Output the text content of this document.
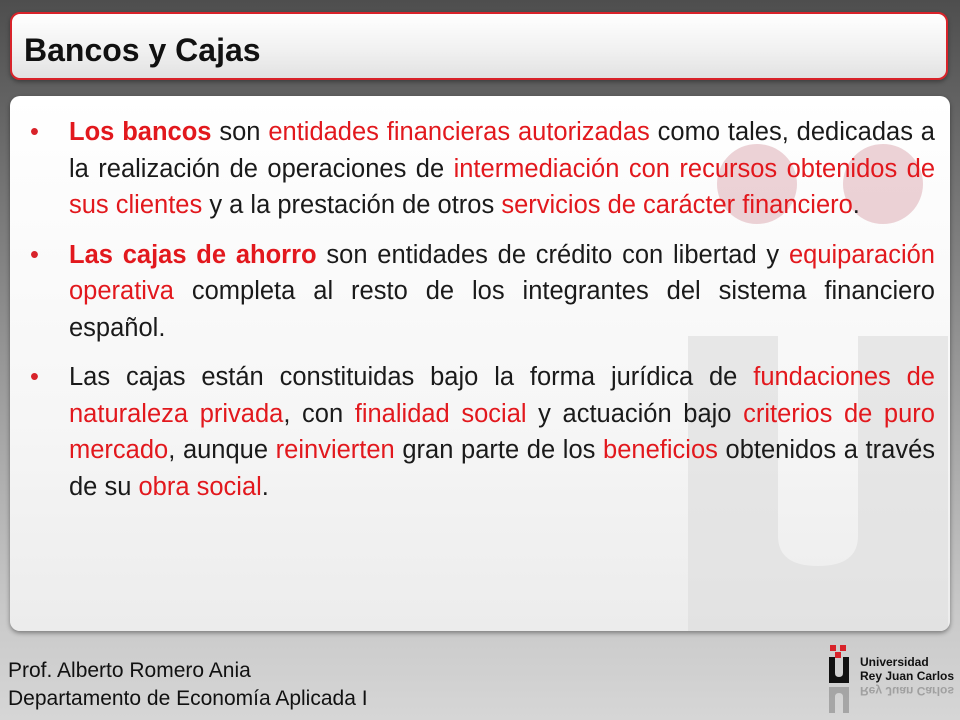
Bancos y Cajas
• Los bancos son entidades financieras autorizadas como tales, dedicadas a la realización de operaciones de intermediación con recursos obtenidos de sus clientes y a la prestación de otros servicios de carácter financiero.
• Las cajas de ahorro son entidades de crédito con libertad y equiparación operativa completa al resto de los integrantes del sistema financiero español.
• Las cajas están constituidas bajo la forma jurídica de fundaciones de naturaleza privada, con finalidad social y actuación bajo criterios de puro mercado, aunque reinvierten gran parte de los beneficios obtenidos a través de su obra social.
Prof. Alberto Romero Ania
Departamento de Economía Aplicada I
Universidad
Rey Juan Carlos
Rey Juan Carlos
